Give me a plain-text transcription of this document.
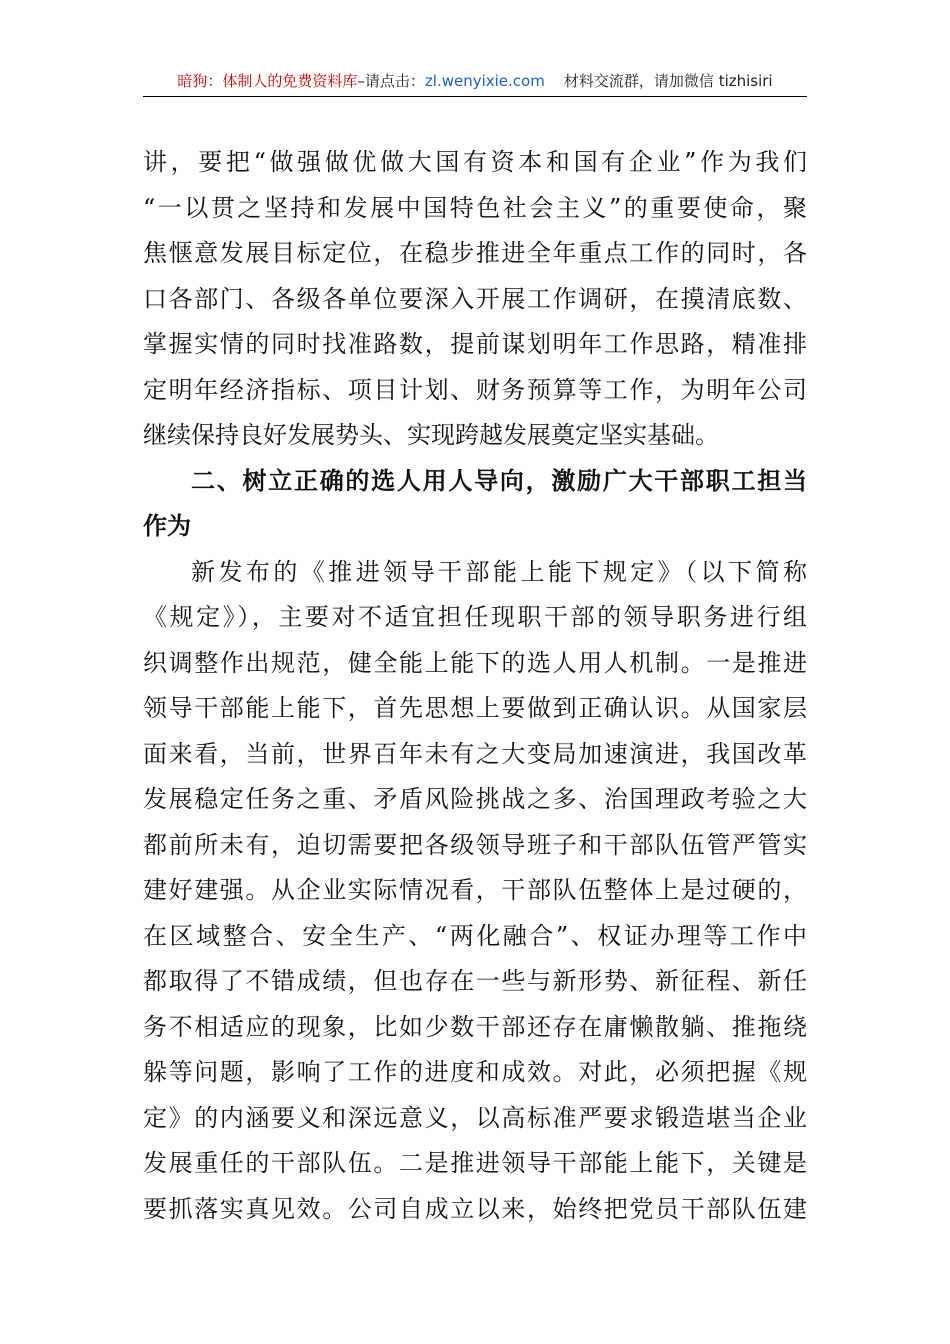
暗狗：体制人的免费资料库–请点击：zl.wenyixie.com 材料交流群，请加微信 tizhisiri
讲，要把“做强做优做大国有资本和国有企业”作为我们
“一以贯之坚持和发展中国特色社会主义”的重要使命，聚
焦惬意发展目标定位，在稳步推进全年重点工作的同时，各
口各部门、各级各单位要深入开展工作调研，在摸清底数、
掌握实情的同时找准路数，提前谋划明年工作思路，精准排
定明年经济指标、项目计划、财务预算等工作，为明年公司
继续保持良好发展势头、实现跨越发展奠定坚实基础。
二、树立正确的选人用人导向，激励广大干部职工担当
作为
新发布的《推进领导干部能上能下规定》（以下简称
《规定》），主要对不适宜担任现职干部的领导职务进行组
织调整作出规范，健全能上能下的选人用人机制。一是推进
领导干部能上能下，首先思想上要做到正确认识。从国家层
面来看，当前，世界百年未有之大变局加速演进，我国改革
发展稳定任务之重、矛盾风险挑战之多、治国理政考验之大
都前所未有，迫切需要把各级领导班子和干部队伍管严管实
建好建强。从企业实际情况看，干部队伍整体上是过硬的，
在区域整合、安全生产、“两化融合”、权证办理等工作中
都取得了不错成绩，但也存在一些与新形势、新征程、新任
务不相适应的现象，比如少数干部还存在庸懒散躺、推拖绕
躲等问题，影响了工作的进度和成效。对此，必须把握《规
定》的内涵要义和深远意义，以高标准严要求锻造堪当企业
发展重任的干部队伍。二是推进领导干部能上能下，关键是
要抓落实真见效。公司自成立以来，始终把党员干部队伍建
